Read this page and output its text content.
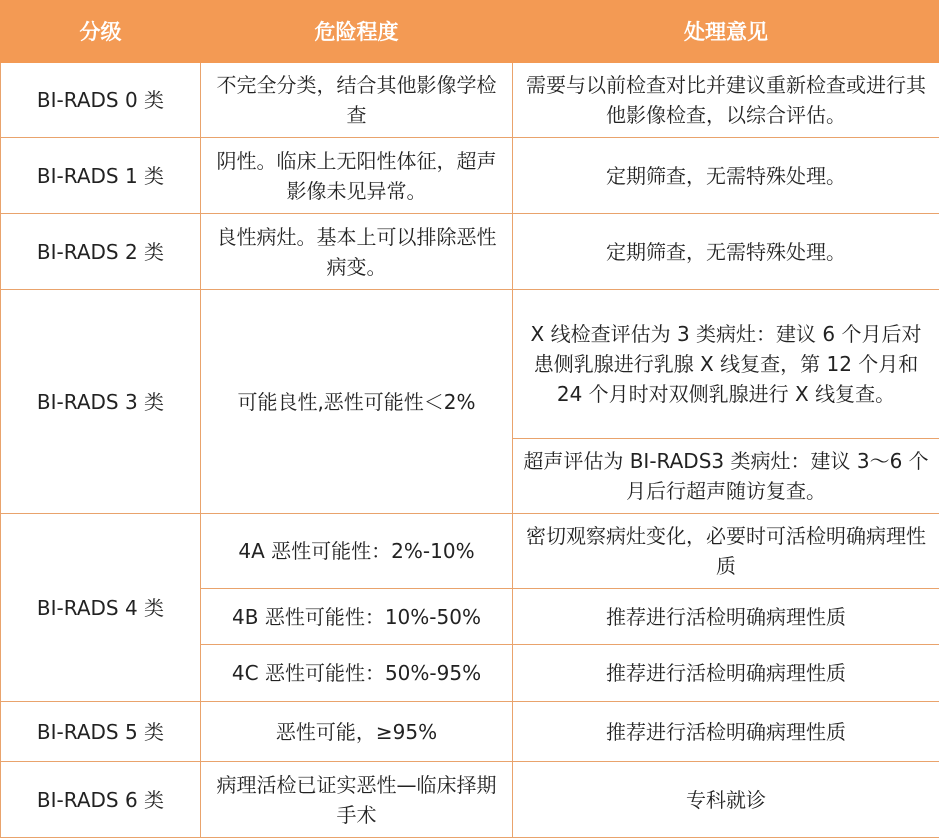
分级	危险程度	处理意见
BI-RADS 0 类	不完全分类，结合其他影像学检查	需要与以前检查对比并建议重新检查或进行其他影像检查，以综合评估。
BI-RADS 1 类	阴性。临床上无阳性体征，超声影像未见异常。	定期筛查，无需特殊处理。
BI-RADS 2 类	良性病灶。基本上可以排除恶性病变。	定期筛查，无需特殊处理。
BI-RADS 3 类	可能良性,恶性可能性＜2%	X 线检查评估为 3 类病灶：建议 6 个月后对患侧乳腺进行乳腺 X 线复查，第 12 个月和 24 个月时对双侧乳腺进行 X 线复查。
		超声评估为 BI-RADS3 类病灶：建议 3～6 个月后行超声随访复查。
BI-RADS 4 类	4A 恶性可能性：2%-10%	密切观察病灶变化，必要时可活检明确病理性质
	4B 恶性可能性：10%-50%	推荐进行活检明确病理性质
	4C 恶性可能性：50%-95%	推荐进行活检明确病理性质
BI-RADS 5 类	恶性可能，≥95%	推荐进行活检明确病理性质
BI-RADS 6 类	病理活检已证实恶性—临床择期手术	专科就诊
